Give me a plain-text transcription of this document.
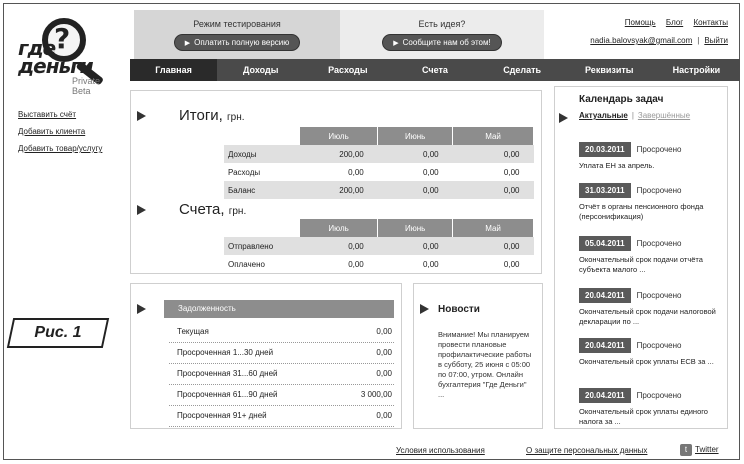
?
где
деньги
Private Beta
Режим тестирования
▶ Оплатить полную версию
Есть идея?
▶ Сообщите нам об этом!
Помощь Блог Контакты
nadia.balovsyak@gmail.com | Выйти
Главная	Доходы	Расходы	Счета	Сделать	Реквизиты	Настройки
Выставить счёт
Добавить клиента
Добавить товар/услугу
Рис. 1
Итоги, грн.
	Июль	Июнь	Май
Доходы	200,00	0,00	0,00
Расходы	0,00	0,00	0,00
Баланс	200,00	0,00	0,00
Счета, грн.
	Июль	Июнь	Май
Отправлено	0,00	0,00	0,00
Оплачено	0,00	0,00	0,00
Задолженность
Текущая	0,00
Просроченная 1...30 дней	0,00
Просроченная 31...60 дней	0,00
Просроченная 61...90 дней	3 000,00
Просроченная 91+ дней	0,00
Новости
Внимание! Мы планируем провести плановые профилактические работы в субботу, 25 июня с 05:00 по 07:00, утром. Онлайн бухгалтерия "Где Деньги" ...
Календарь задач
Актуальные | Завершённые
20.03.2011 Просрочено
Уплата ЕН за апрель.
31.03.2011 Просрочено
Отчёт в органы пенсионного фонда (персонификация)
05.04.2011 Просрочено
Окончательный срок подачи отчёта субъекта малого ...
20.04.2011 Просрочено
Окончательный срок подачи налоговой декларации по ...
20.04.2011 Просрочено
Окончательный срок уплаты ЕСВ за ...
20.04.2011 Просрочено
Окончательный срок уплаты единого налога за ...
Условия использования	О защите персональных данных	t Twitter
